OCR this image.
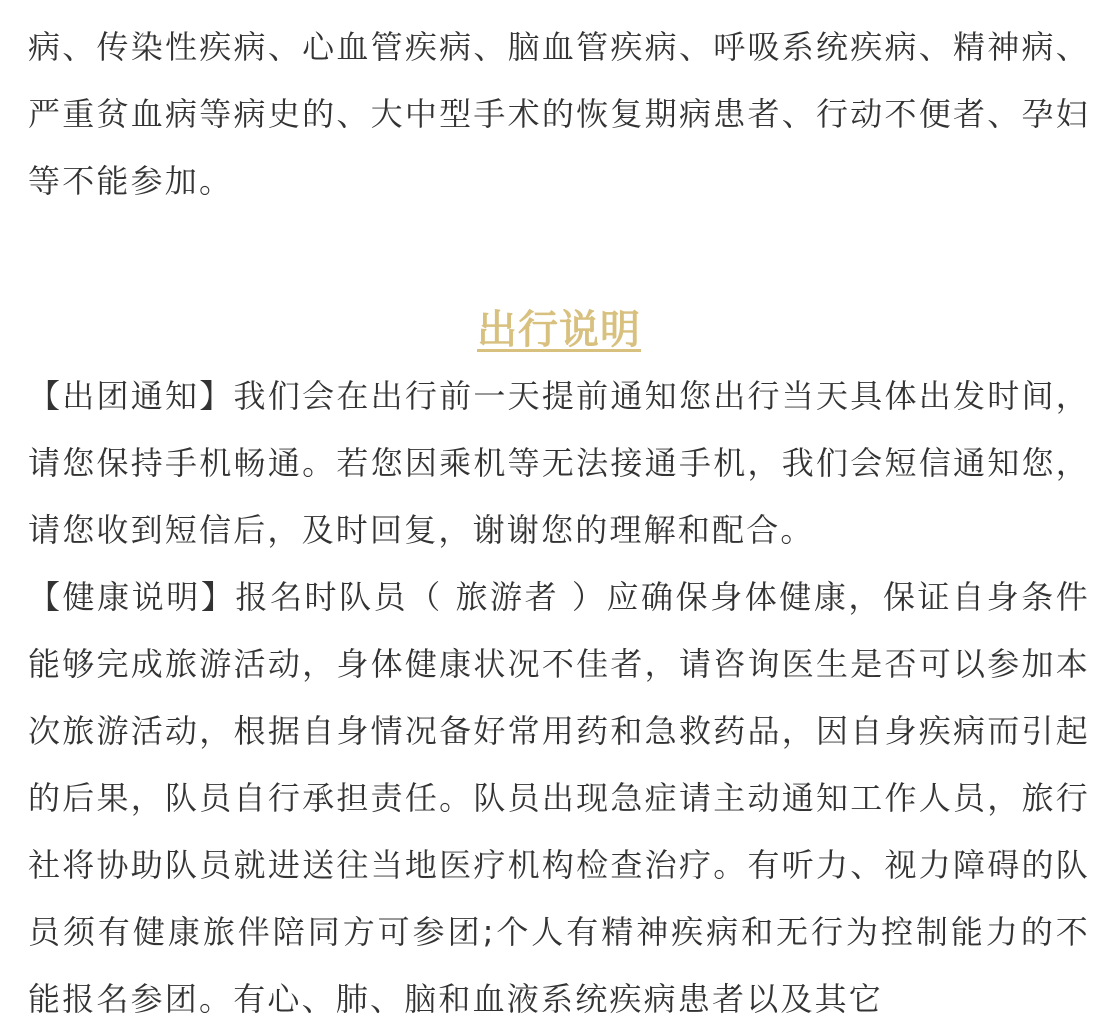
病、传染性疾病、心血管疾病、脑血管疾病、呼吸系统疾病、精神病、严重贫血病等病史的、大中型手术的恢复期病患者、行动不便者、孕妇等不能参加。

出行说明

【出团通知】我们会在出行前一天提前通知您出行当天具体出发时间，请您保持手机畅通。若您因乘机等无法接通手机，我们会短信通知您，请您收到短信后，及时回复，谢谢您的理解和配合。

【健康说明】报名时队员（ 旅游者 ）应确保身体健康，保证自身条件能够完成旅游活动，身体健康状况不佳者，请咨询医生是否可以参加本次旅游活动，根据自身情况备好常用药和急救药品，因自身疾病而引起的后果，队员自行承担责任。队员出现急症请主动通知工作人员，旅行社将协助队员就进送往当地医疗机构检查治疗。有听力、视力障碍的队员须有健康旅伴陪同方可参团;个人有精神疾病和无行为控制能力的不能报名参团。有心、肺、脑和血液系统疾病患者以及其它
